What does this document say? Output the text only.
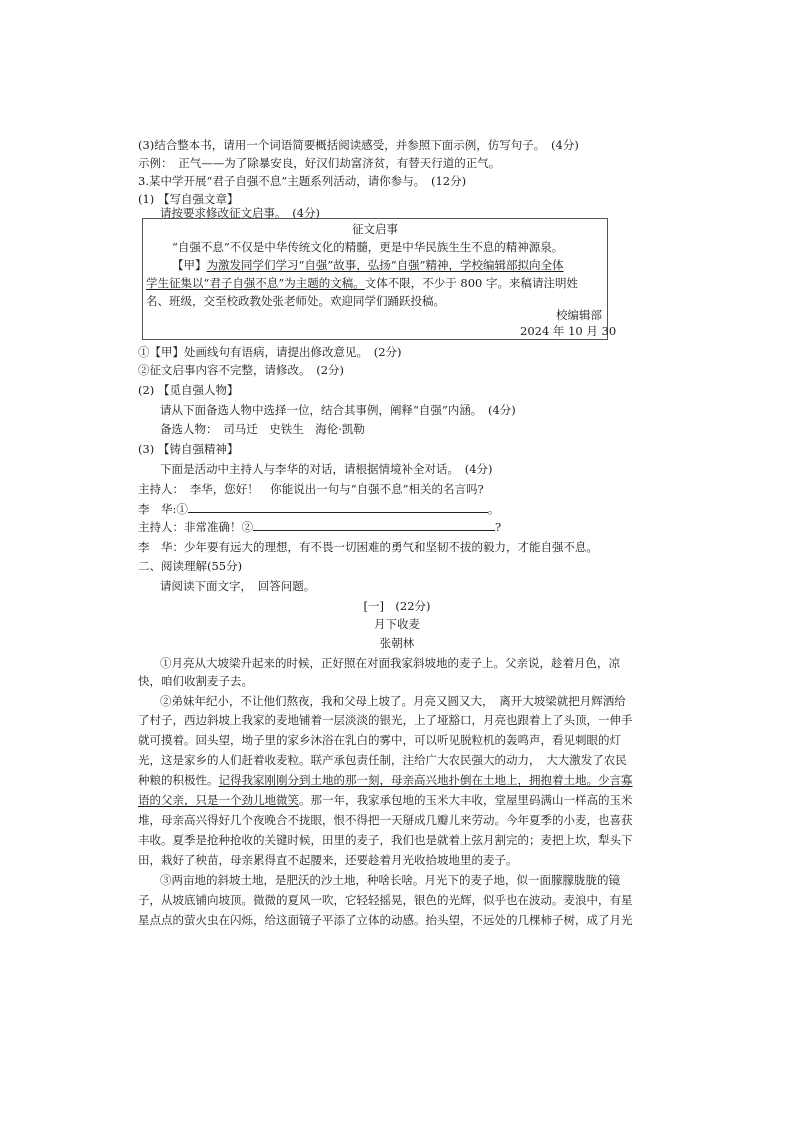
(3)结合整本书，请用一个词语简要概括阅读感受，并参照下面示例，仿写句子。　(4分)
示例：　正气——为了除暴安良，好汉们劫富济贫，有替天行道的正气。
3.某中学开展“君子自强不息”主题系列活动，请你参与。　(12分)
(1) 【写自强文章】
请按要求修改征文启事。　(4分)
征文启事
“自强不息”不仅是中华传统文化的精髓，更是中华民族生生不息的精神源泉。
【甲】为激发同学们学习“自强”故事，弘扬“自强”精神，学校编辑部拟向全体
学生征集以“君子自强不息”为主题的文稿。文体不限，不少于 800 字。来稿请注明姓
名、班级，交至校政教处张老师处。欢迎同学们踊跃投稿。
校编辑部
2024 年 10 月 30
①【甲】处画线句有语病，请提出修改意见。　(2分)
②征文启事内容不完整，请修改。　(2分)
(2) 【觅自强人物】
请从下面备选人物中选择一位，结合其事例，阐释“自强”内涵。　(4分)
备选人物：　司马迁　史铁生　海伦·凯勒
(3) 【铸自强精神】
下面是活动中主持人与李华的对话，请根据情境补全对话。　(4分)
主持人：　李华，您好！　你能说出一句与“自强不息”相关的名言吗?
李　华:①	。
主持人：非常准确！②	?
李　华：少年要有远大的理想，有不畏一切困难的勇气和坚韧不拔的毅力，才能自强不息。
二、阅读理解(55分)
请阅读下面文字，　回答问题。
[一]　(22分)
月下收麦
张朝林
①月亮从大坡梁升起来的时候，正好照在对面我家斜坡地的麦子上。父亲说，趁着月色，凉
快，咱们收割麦子去。
②弟妹年纪小，不让他们熬夜，我和父母上坡了。月亮又圆又大，　离开大坡梁就把月辉洒给
了村子，西边斜坡上我家的麦地铺着一层淡淡的银光，上了垭豁口，月亮也跟着上了头顶，一伸手
就可摸着。回头望，坳子里的家乡沐浴在乳白的雾中，可以听见脱粒机的轰鸣声，看见刺眼的灯
光，这是家乡的人们赶着收麦粒。联产承包责任制，注给广大农民强大的动力，　大大激发了农民
种粮的积极性。记得我家刚刚分到土地的那一刻，母亲高兴地扑倒在土地上，拥抱着土地。少言寡
语的父亲，只是一个劲儿地微笑。那一年，我家承包地的玉米大丰收，堂屋里码满山一样高的玉米
堆，母亲高兴得好几个夜晚合不拢眼，恨不得把一天掰成几瓣儿来劳动。今年夏季的小麦，也喜获
丰收。夏季是抢种抢收的关键时候，田里的麦子，我们也是就着上弦月割完的；麦把上坎，犁头下
田，栽好了秧苗，母亲累得直不起腰来，还要趁着月光收拾坡地里的麦子。
③两亩地的斜坡土地，是肥沃的沙土地，种啥长啥。月光下的麦子地，似一面朦朦胧胧的镜
子，从坡底铺向坡顶。微微的夏风一吹，它轻轻摇晃，银色的光辉，似乎也在波动。麦浪中，有星
星点点的萤火虫在闪烁，给这面镜子平添了立体的动感。抬头望，不远处的几棵柿子树，成了月光
